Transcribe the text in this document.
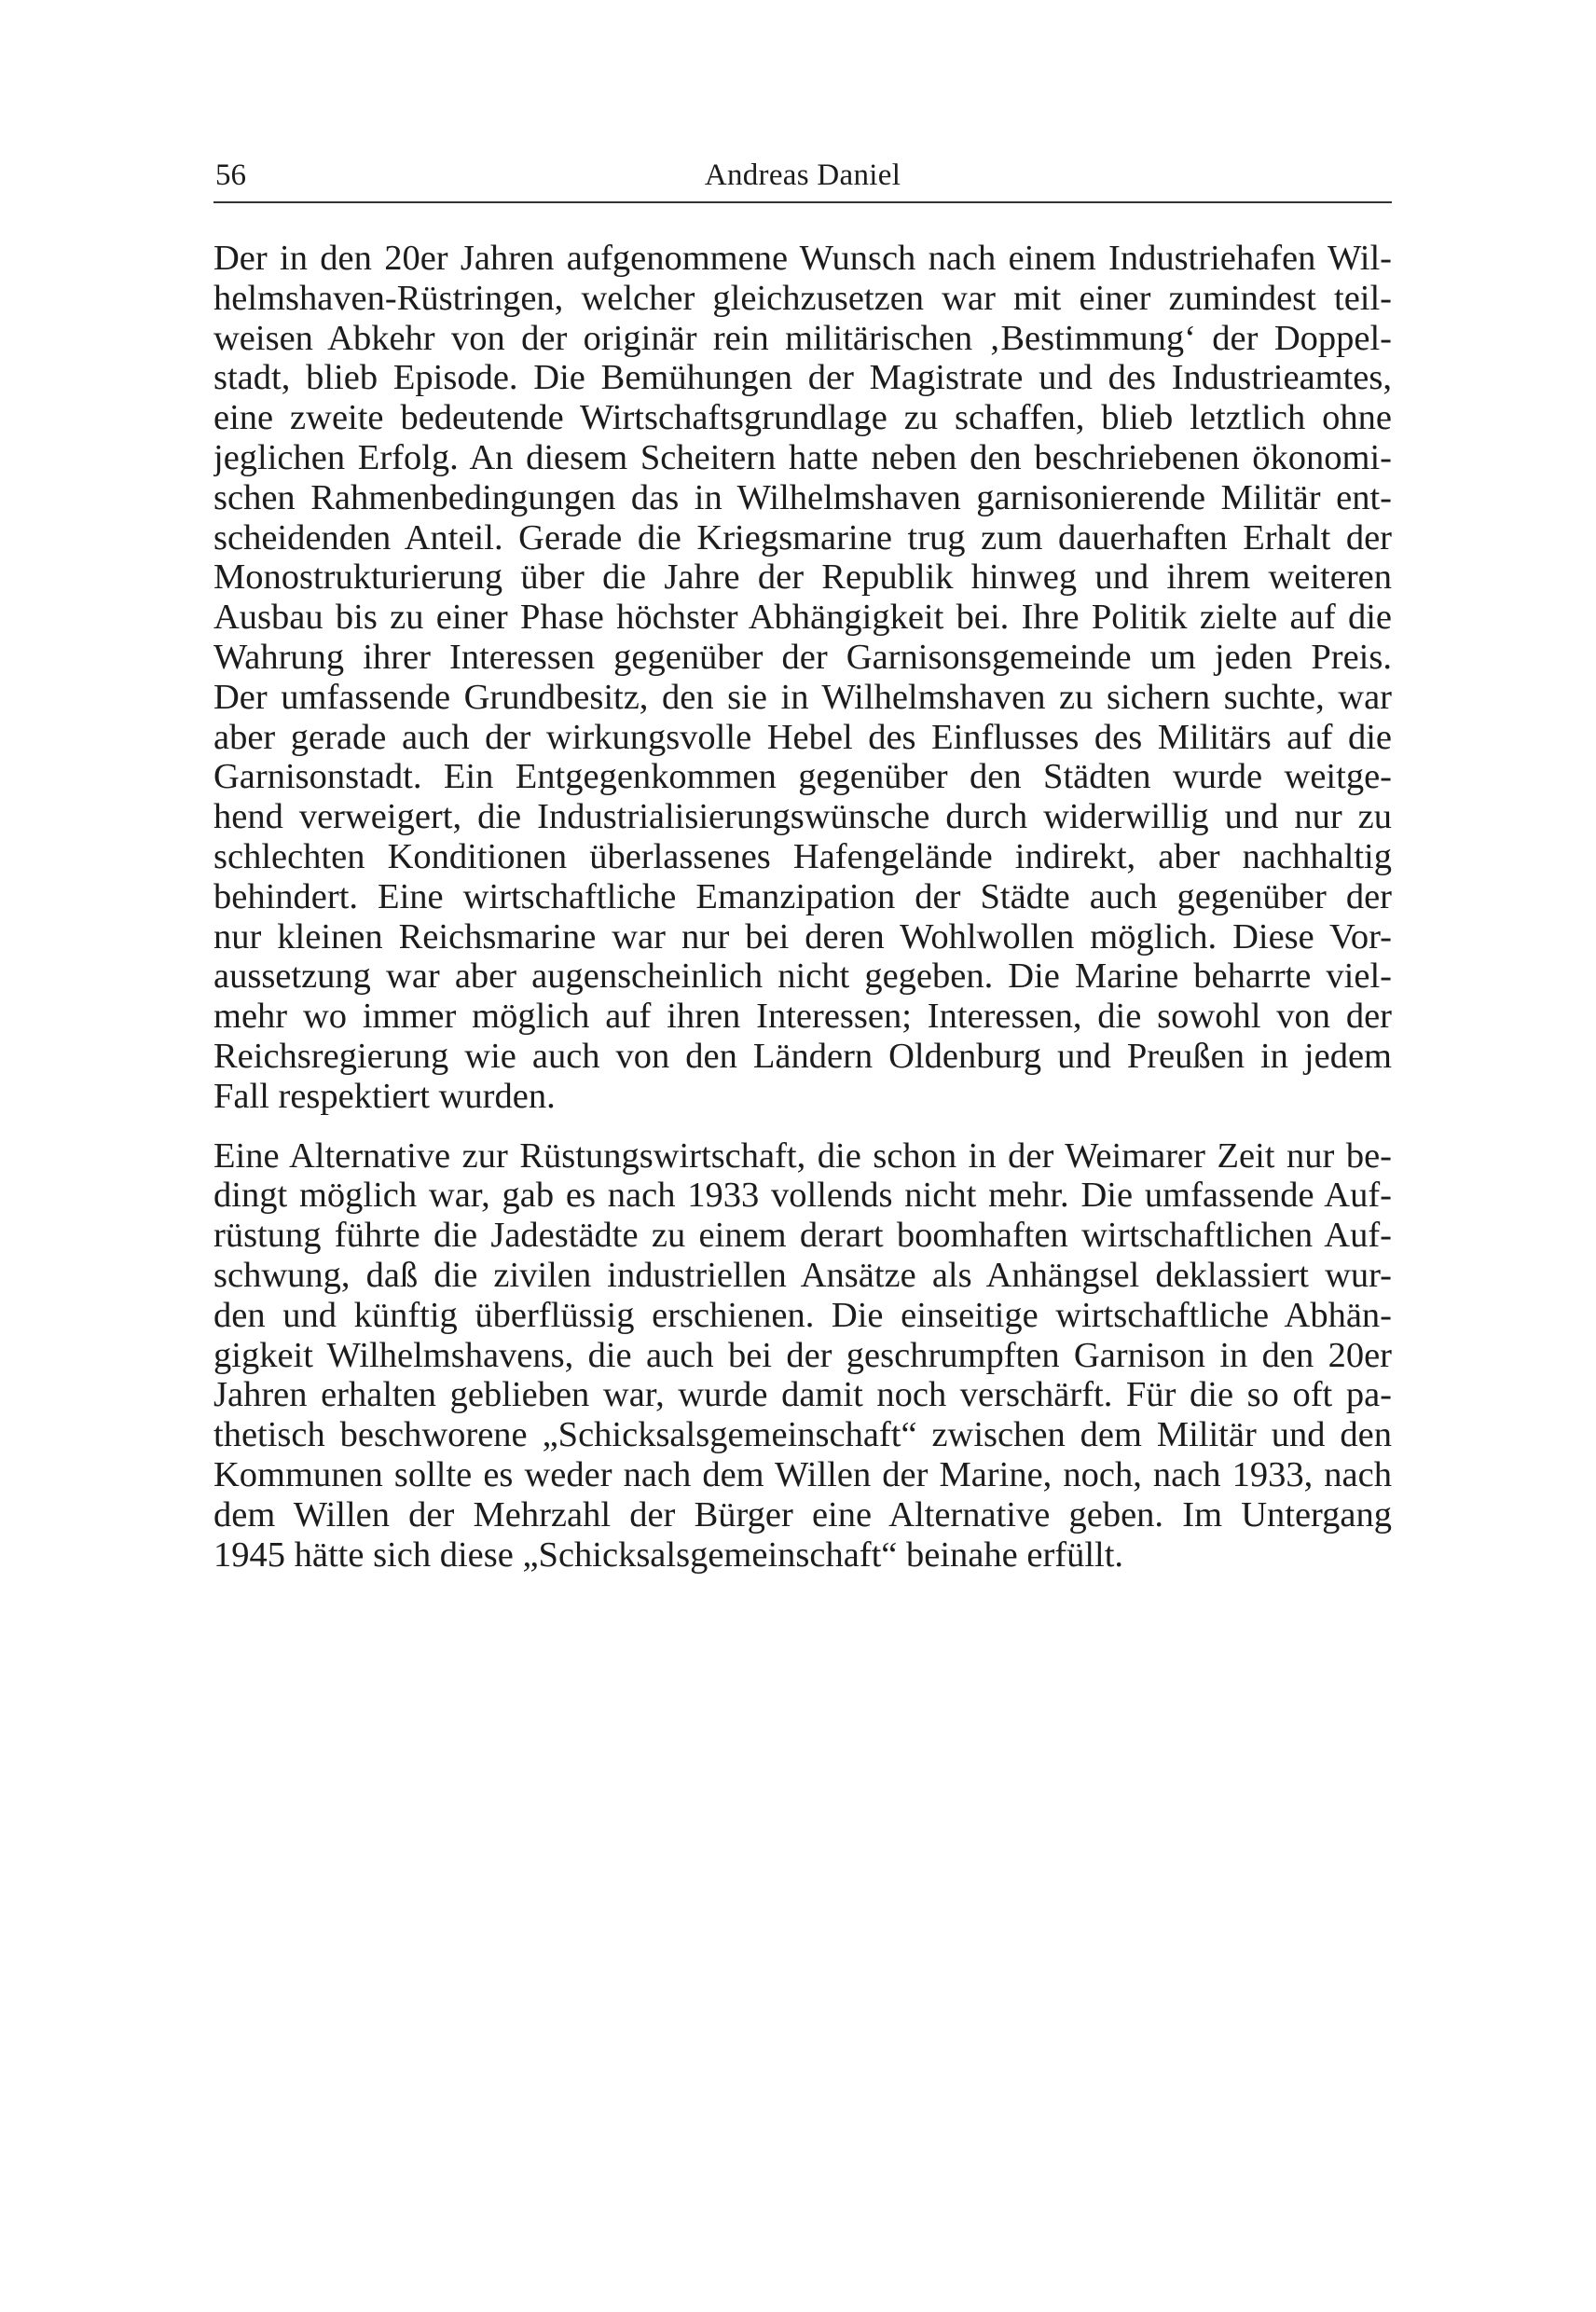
56	Andreas Daniel
Der in den 20er Jahren aufgenommene Wunsch nach einem Industriehafen Wil-
helmshaven-Rüstringen, welcher gleichzusetzen war mit einer zumindest teil-
weisen Abkehr von der originär rein militärischen ‚Bestimmung‘ der Doppel-
stadt, blieb Episode. Die Bemühungen der Magistrate und des Industrieamtes,
eine zweite bedeutende Wirtschaftsgrundlage zu schaffen, blieb letztlich ohne
jeglichen Erfolg. An diesem Scheitern hatte neben den beschriebenen ökonomi-
schen Rahmenbedingungen das in Wilhelmshaven garnisonierende Militär ent-
scheidenden Anteil. Gerade die Kriegsmarine trug zum dauerhaften Erhalt der
Monostrukturierung über die Jahre der Republik hinweg und ihrem weiteren
Ausbau bis zu einer Phase höchster Abhängigkeit bei. Ihre Politik zielte auf die
Wahrung ihrer Interessen gegenüber der Garnisonsgemeinde um jeden Preis.
Der umfassende Grundbesitz, den sie in Wilhelmshaven zu sichern suchte, war
aber gerade auch der wirkungsvolle Hebel des Einflusses des Militärs auf die
Garnisonstadt. Ein Entgegenkommen gegenüber den Städten wurde weitge-
hend verweigert, die Industrialisierungswünsche durch widerwillig und nur zu
schlechten Konditionen überlassenes Hafengelände indirekt, aber nachhaltig
behindert. Eine wirtschaftliche Emanzipation der Städte auch gegenüber der
nur kleinen Reichsmarine war nur bei deren Wohlwollen möglich. Diese Vor-
aussetzung war aber augenscheinlich nicht gegeben. Die Marine beharrte viel-
mehr wo immer möglich auf ihren Interessen; Interessen, die sowohl von der
Reichsregierung wie auch von den Ländern Oldenburg und Preußen in jedem
Fall respektiert wurden.
Eine Alternative zur Rüstungswirtschaft, die schon in der Weimarer Zeit nur be-
dingt möglich war, gab es nach 1933 vollends nicht mehr. Die umfassende Auf-
rüstung führte die Jadestädte zu einem derart boomhaften wirtschaftlichen Auf-
schwung, daß die zivilen industriellen Ansätze als Anhängsel deklassiert wur-
den und künftig überflüssig erschienen. Die einseitige wirtschaftliche Abhän-
gigkeit Wilhelmshavens, die auch bei der geschrumpften Garnison in den 20er
Jahren erhalten geblieben war, wurde damit noch verschärft. Für die so oft pa-
thetisch beschworene „Schicksalsgemeinschaft“ zwischen dem Militär und den
Kommunen sollte es weder nach dem Willen der Marine, noch, nach 1933, nach
dem Willen der Mehrzahl der Bürger eine Alternative geben. Im Untergang
1945 hätte sich diese „Schicksalsgemeinschaft“ beinahe erfüllt.
